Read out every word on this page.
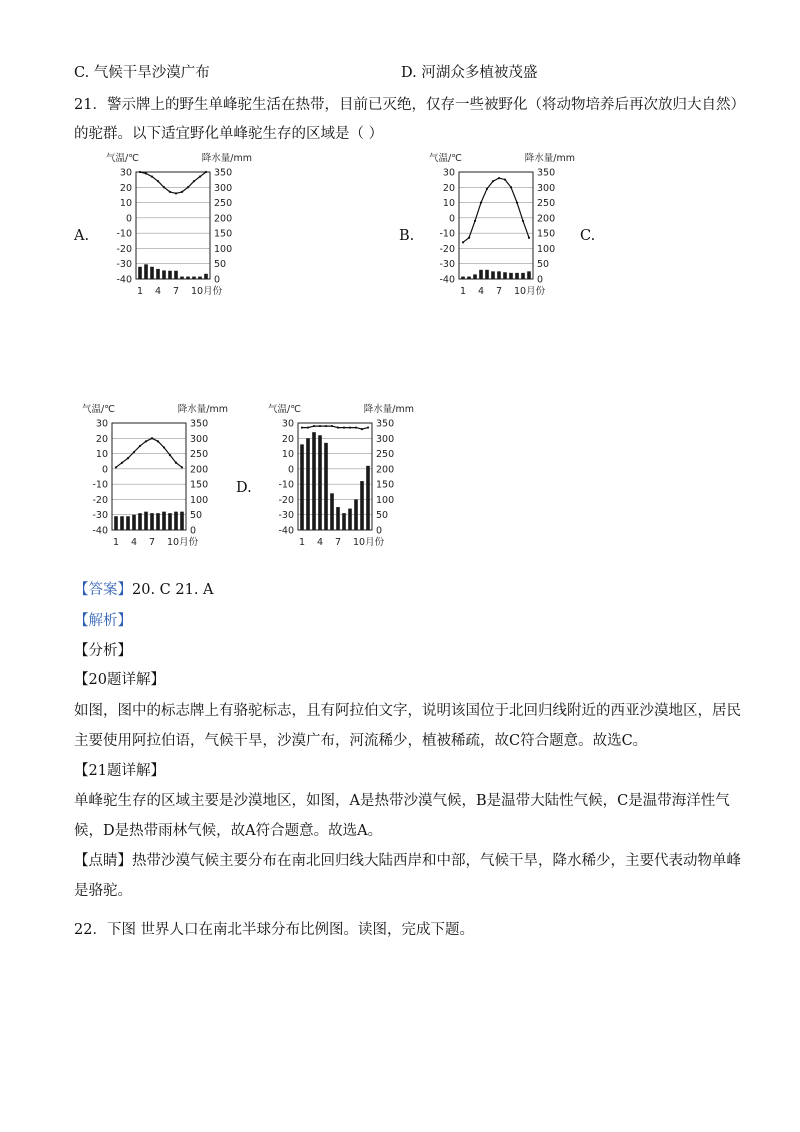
C. 气候干旱沙漠广布	D. 河湖众多植被茂盛
21．警示牌上的野生单峰驼生活在热带，目前已灭绝，仅存一些被野化（将动物培养后再次放归大自然）
的驼群。以下适宜野化单峰驼生存的区域是（ ）
A.
气温/℃	降水量/mm
30	350
20	300
10	250
0	200
-10	150
-20	100
-30	50
-40	0
1 4 7 10月份
B.
气温/℃	降水量/mm
30	350
20	300
10	250
0	200
-10	150
-20	100
-30	50
-40	0
1 4 7 10月份
C.
气温/℃	降水量/mm
30	350
20	300
10	250
0	200
-10	150
-20	100
-30	50
-40	0
1 4 7 10月份
D.
气温/℃	降水量/mm
30	350
20	300
10	250
0	200
-10	150
-20	100
-30	50
-40	0
1 4 7 10月份
【答案】20. C 21. A
【解析】
【分析】
【20题详解】
如图，图中的标志牌上有骆驼标志，且有阿拉伯文字，说明该国位于北回归线附近的西亚沙漠地区，居民
主要使用阿拉伯语，气候干旱，沙漠广布，河流稀少，植被稀疏，故C符合题意。故选C。
【21题详解】
单峰驼生存的区域主要是沙漠地区，如图，A是热带沙漠气候，B是温带大陆性气候，C是温带海洋性气
候，D是热带雨林气候，故A符合题意。故选A。
【点睛】热带沙漠气候主要分布在南北回归线大陆西岸和中部，气候干旱，降水稀少，主要代表动物单峰
是骆驼。
22．下图 世界人口在南北半球分布比例图。读图，完成下题。
